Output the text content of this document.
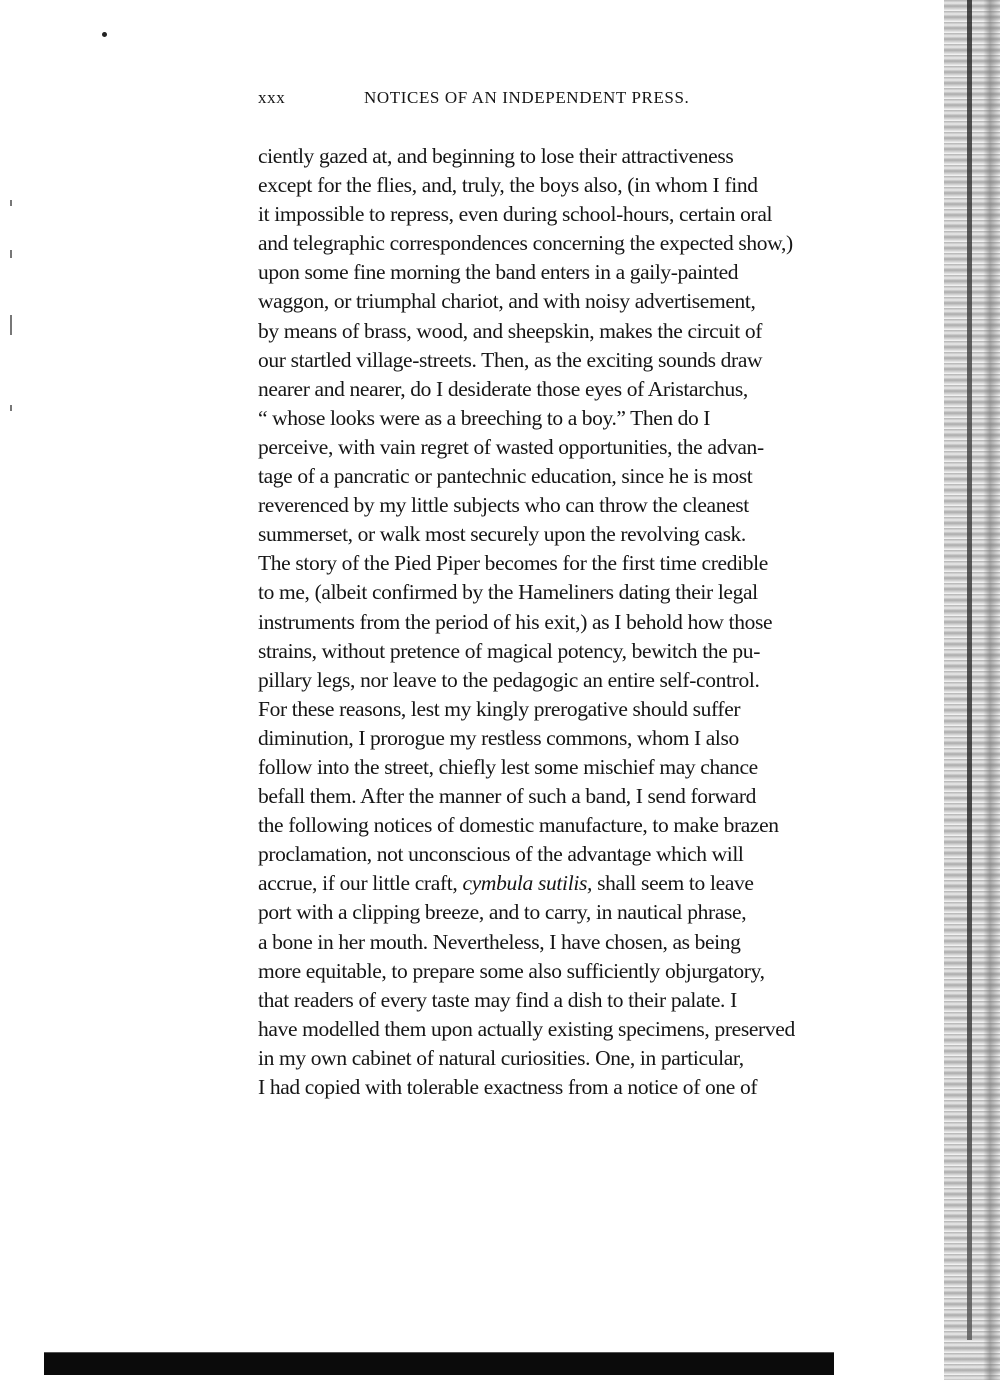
xxx	NOTICES OF AN INDEPENDENT PRESS.
ciently gazed at, and beginning to lose their attractiveness
except for the flies, and, truly, the boys also, (in whom I find
it impossible to repress, even during school-hours, certain oral
and telegraphic correspondences concerning the expected show,)
upon some fine morning the band enters in a gaily-painted
waggon, or triumphal chariot, and with noisy advertisement,
by means of brass, wood, and sheepskin, makes the circuit of
our startled village-streets. Then, as the exciting sounds draw
nearer and nearer, do I desiderate those eyes of Aristarchus,
“ whose looks were as a breeching to a boy.” Then do I
perceive, with vain regret of wasted opportunities, the advan-
tage of a pancratic or pantechnic education, since he is most
reverenced by my little subjects who can throw the cleanest
summerset, or walk most securely upon the revolving cask.
The story of the Pied Piper becomes for the first time credible
to me, (albeit confirmed by the Hameliners dating their legal
instruments from the period of his exit,) as I behold how those
strains, without pretence of magical potency, bewitch the pu-
pillary legs, nor leave to the pedagogic an entire self-control.
For these reasons, lest my kingly prerogative should suffer
diminution, I prorogue my restless commons, whom I also
follow into the street, chiefly lest some mischief may chance
befall them. After the manner of such a band, I send forward
the following notices of domestic manufacture, to make brazen
proclamation, not unconscious of the advantage which will
accrue, if our little craft, cymbula sutilis, shall seem to leave
port with a clipping breeze, and to carry, in nautical phrase,
a bone in her mouth. Nevertheless, I have chosen, as being
more equitable, to prepare some also sufficiently objurgatory,
that readers of every taste may find a dish to their palate. I
have modelled them upon actually existing specimens, preserved
in my own cabinet of natural curiosities. One, in particular,
I had copied with tolerable exactness from a notice of one of
